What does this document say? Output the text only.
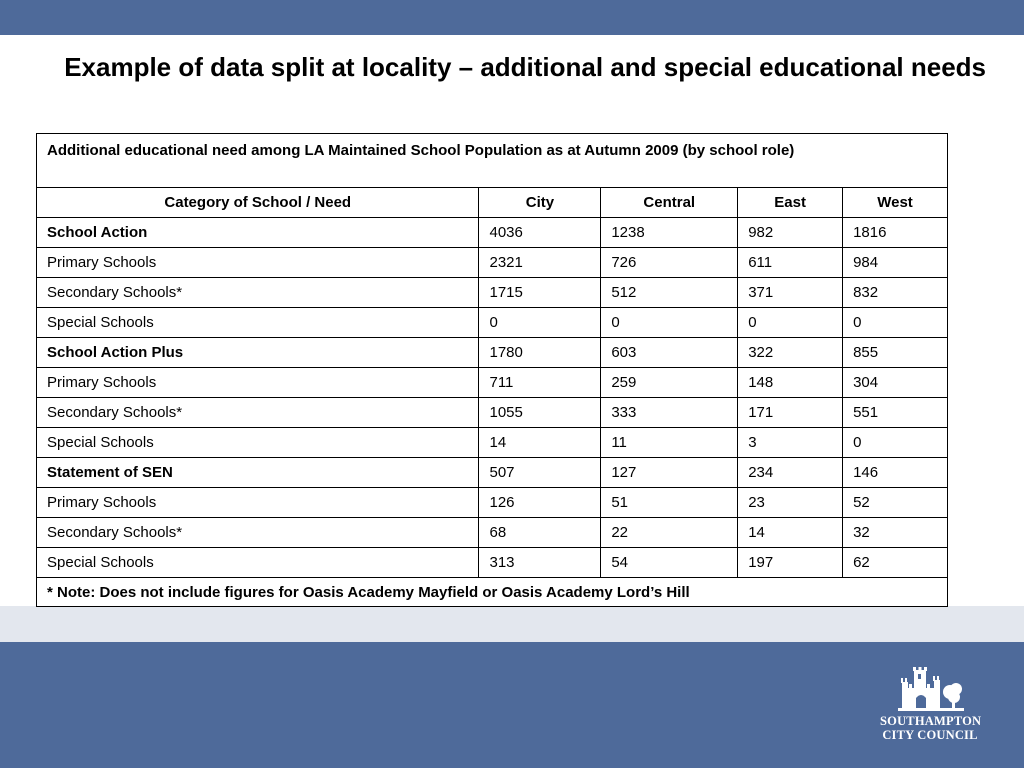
Example of data split at locality – additional and special educational needs
Additional educational need among LA Maintained School Population as at Autumn 2009 (by school role)				
Category of School / Need	City	Central	East	West
School Action	4036	1238	982	1816
Primary Schools	2321	726	611	984
Secondary Schools*	1715	512	371	832
Special Schools	0	0	0	0
School Action Plus	1780	603	322	855
Primary Schools	711	259	148	304
Secondary Schools*	1055	333	171	551
Special Schools	14	11	3	0
Statement of SEN	507	127	234	146
Primary Schools	126	51	23	52
Secondary Schools*	68	22	14	32
Special Schools	313	54	197	62
* Note: Does not include figures for Oasis Academy Mayfield or Oasis Academy Lord’s Hill				
SOUTHAMPTON
CITY COUNCIL
